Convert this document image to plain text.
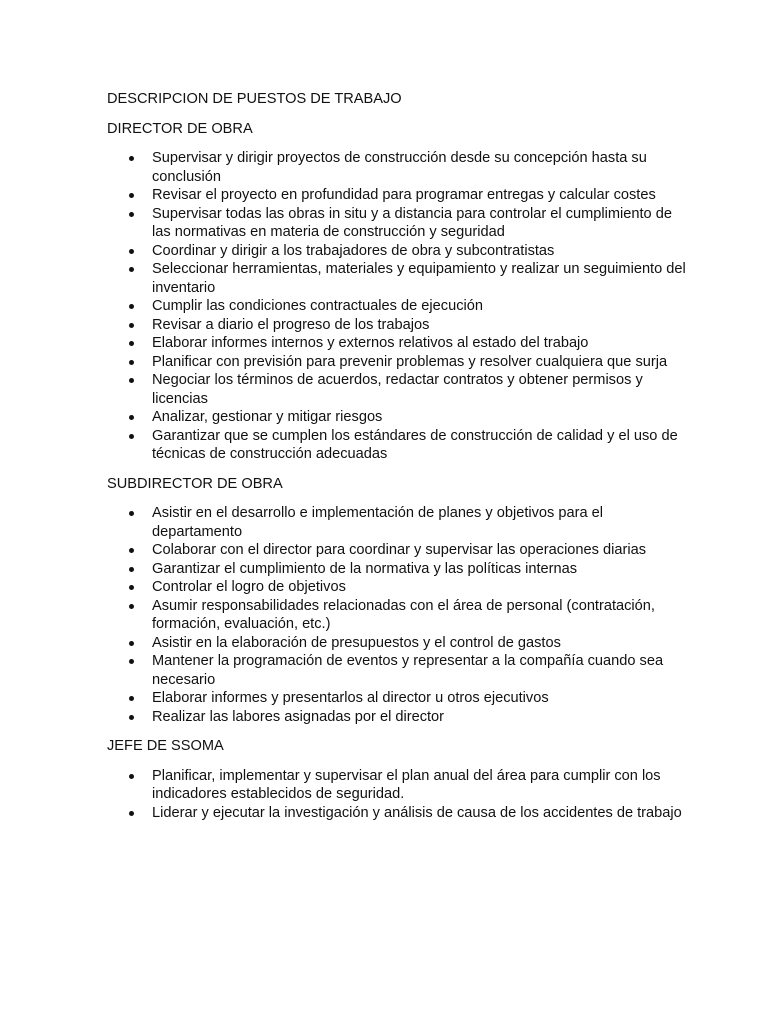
DESCRIPCION DE PUESTOS DE TRABAJO

DIRECTOR DE OBRA

Supervisar y dirigir proyectos de construcción desde su concepción hasta su conclusión
Revisar el proyecto en profundidad para programar entregas y calcular costes
Supervisar todas las obras in situ y a distancia para controlar el cumplimiento de las normativas en materia de construcción y seguridad
Coordinar y dirigir a los trabajadores de obra y subcontratistas
Seleccionar herramientas, materiales y equipamiento y realizar un seguimiento del inventario
Cumplir las condiciones contractuales de ejecución
Revisar a diario el progreso de los trabajos
Elaborar informes internos y externos relativos al estado del trabajo
Planificar con previsión para prevenir problemas y resolver cualquiera que surja
Negociar los términos de acuerdos, redactar contratos y obtener permisos y licencias
Analizar, gestionar y mitigar riesgos
Garantizar que se cumplen los estándares de construcción de calidad y el uso de técnicas de construcción adecuadas

SUBDIRECTOR DE OBRA

Asistir en el desarrollo e implementación de planes y objetivos para el departamento
Colaborar con el director para coordinar y supervisar las operaciones diarias
Garantizar el cumplimiento de la normativa y las políticas internas
Controlar el logro de objetivos
Asumir responsabilidades relacionadas con el área de personal (contratación, formación, evaluación, etc.)
Asistir en la elaboración de presupuestos y el control de gastos
Mantener la programación de eventos y representar a la compañía cuando sea necesario
Elaborar informes y presentarlos al director u otros ejecutivos
Realizar las labores asignadas por el director

JEFE DE SSOMA

Planificar, implementar y supervisar el plan anual del área para cumplir con los indicadores establecidos de seguridad.
Liderar y ejecutar la investigación y análisis de causa de los accidentes de trabajo
